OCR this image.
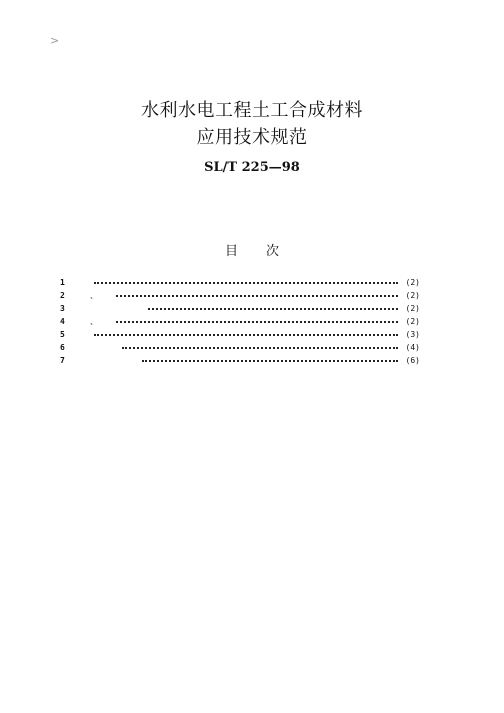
>
水利水电工程土工合成材料
应用技术规范
SL/T 225—98
目 次
1	(2)
2	、	(2)
3	(2)
4	、	(2)
5	(3)
6	(4)
7	(6)
